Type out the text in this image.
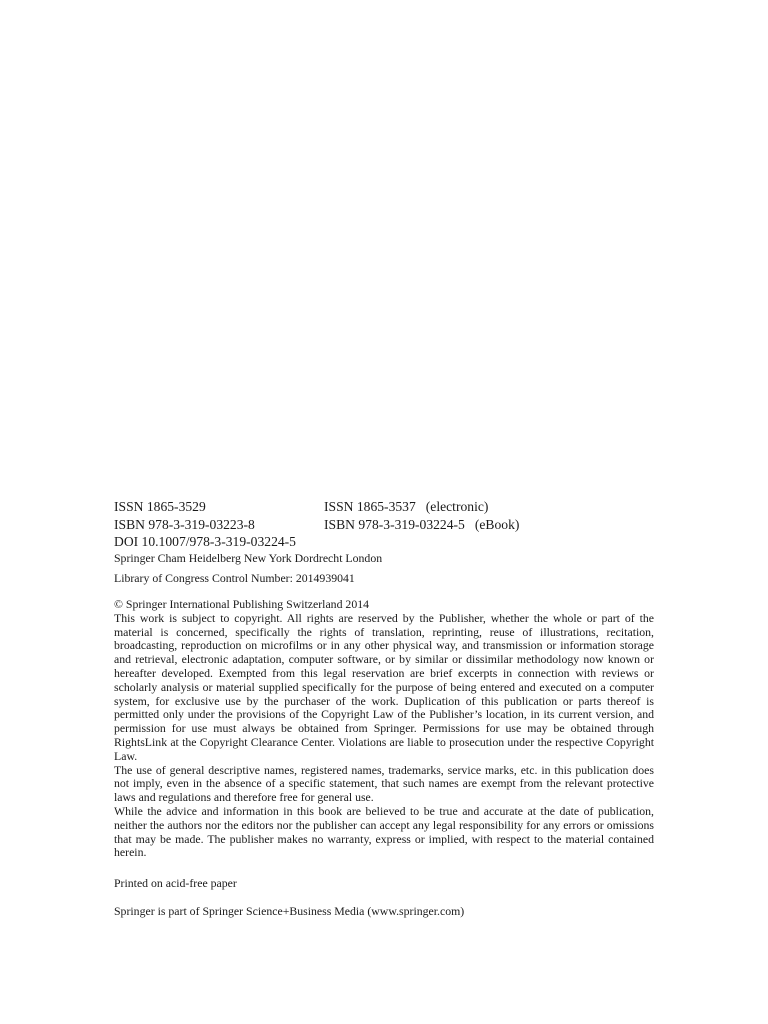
ISSN 1865-3529	ISSN 1865-3537 (electronic)
ISBN 978-3-319-03223-8	ISBN 978-3-319-03224-5 (eBook)
DOI 10.1007/978-3-319-03224-5
Springer Cham Heidelberg New York Dordrecht London
Library of Congress Control Number: 2014939041

© Springer International Publishing Switzerland 2014

This work is subject to copyright. All rights are reserved by the Publisher, whether the whole or part of the material is concerned, specifically the rights of translation, reprinting, reuse of illustrations, recitation, broadcasting, reproduction on microfilms or in any other physical way, and transmission or information storage and retrieval, electronic adaptation, computer software, or by similar or dissimilar methodology now known or hereafter developed. Exempted from this legal reservation are brief excerpts in connection with reviews or scholarly analysis or material supplied specifically for the purpose of being entered and executed on a computer system, for exclusive use by the purchaser of the work. Duplication of this publication or parts thereof is permitted only under the provisions of the Copyright Law of the Publisher’s location, in its current version, and permission for use must always be obtained from Springer. Permissions for use may be obtained through RightsLink at the Copyright Clearance Center. Violations are liable to prosecution under the respective Copyright Law.

The use of general descriptive names, registered names, trademarks, service marks, etc. in this publication does not imply, even in the absence of a specific statement, that such names are exempt from the relevant protective laws and regulations and therefore free for general use.

While the advice and information in this book are believed to be true and accurate at the date of publication, neither the authors nor the editors nor the publisher can accept any legal responsibility for any errors or omissions that may be made. The publisher makes no warranty, express or implied, with respect to the material contained herein.

Printed on acid-free paper
Springer is part of Springer Science+Business Media (www.springer.com)
